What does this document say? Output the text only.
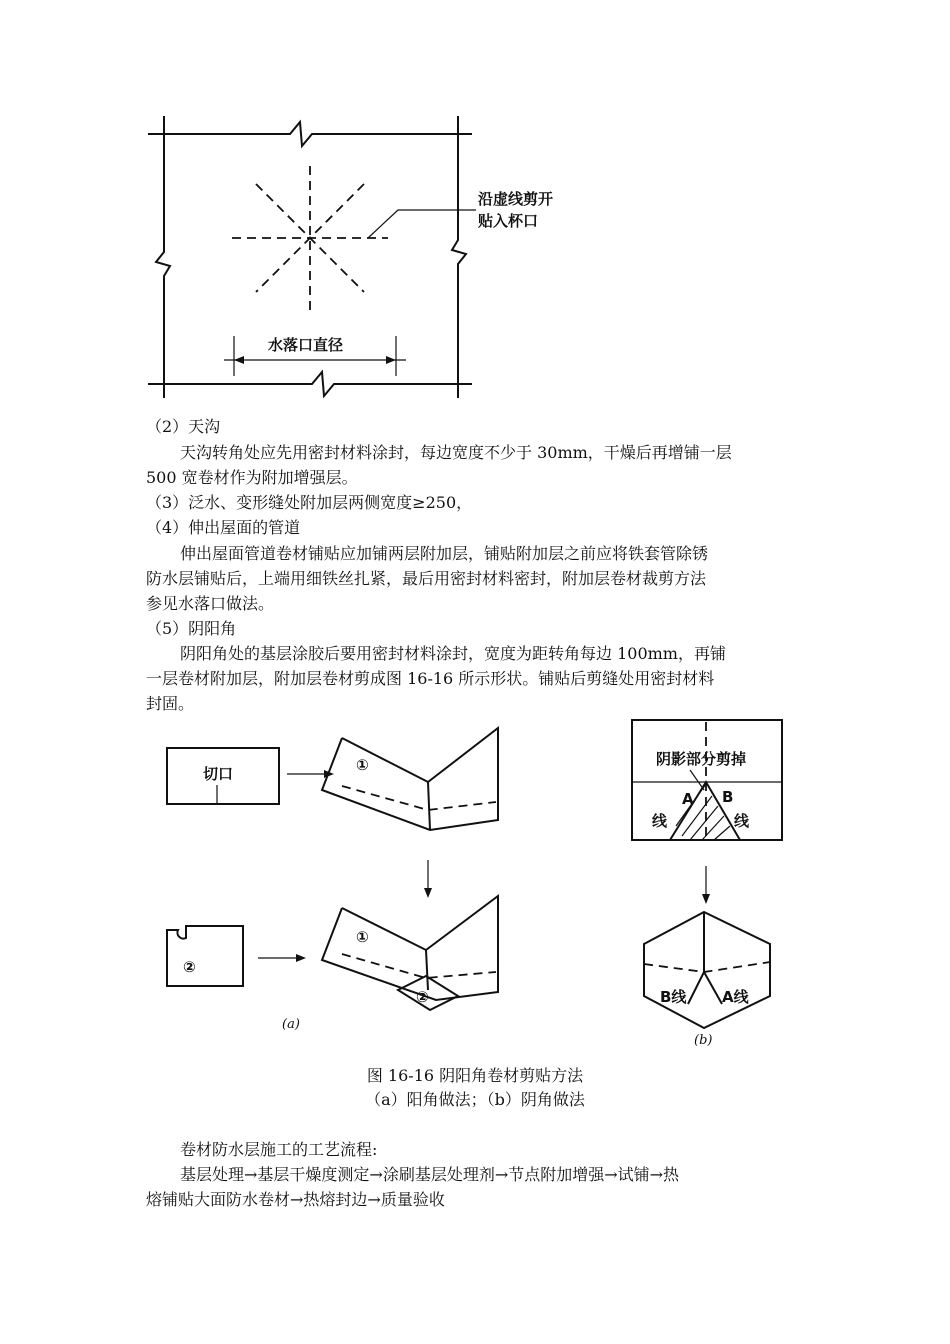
沿虚线剪开
贴入杯口
水落口直径
切口	①
②
①
②
(a)
阴影部分剪掉
A B
线	线
B线 A线
(b)
（2）天沟
天沟转角处应先用密封材料涂封，每边宽度不少于 30mm，干燥后再增铺一层
500 宽卷材作为附加增强层。
（3）泛水、变形缝处附加层两侧宽度≥250，
（4）伸出屋面的管道
伸出屋面管道卷材铺贴应加铺两层附加层，铺贴附加层之前应将铁套管除锈
防水层铺贴后，上端用细铁丝扎紧，最后用密封材料密封，附加层卷材裁剪方法
参见水落口做法。
（5）阴阳角
阴阳角处的基层涂胶后要用密封材料涂封，宽度为距转角每边 100mm，再铺
一层卷材附加层，附加层卷材剪成图 16-16 所示形状。铺贴后剪缝处用密封材料
封固。
图 16-16 阴阳角卷材剪贴方法
（a）阳角做法；（b）阴角做法
卷材防水层施工的工艺流程:
基层处理→基层干燥度测定→涂刷基层处理剂→节点附加增强→试铺→热
熔铺贴大面防水卷材→热熔封边→质量验收
